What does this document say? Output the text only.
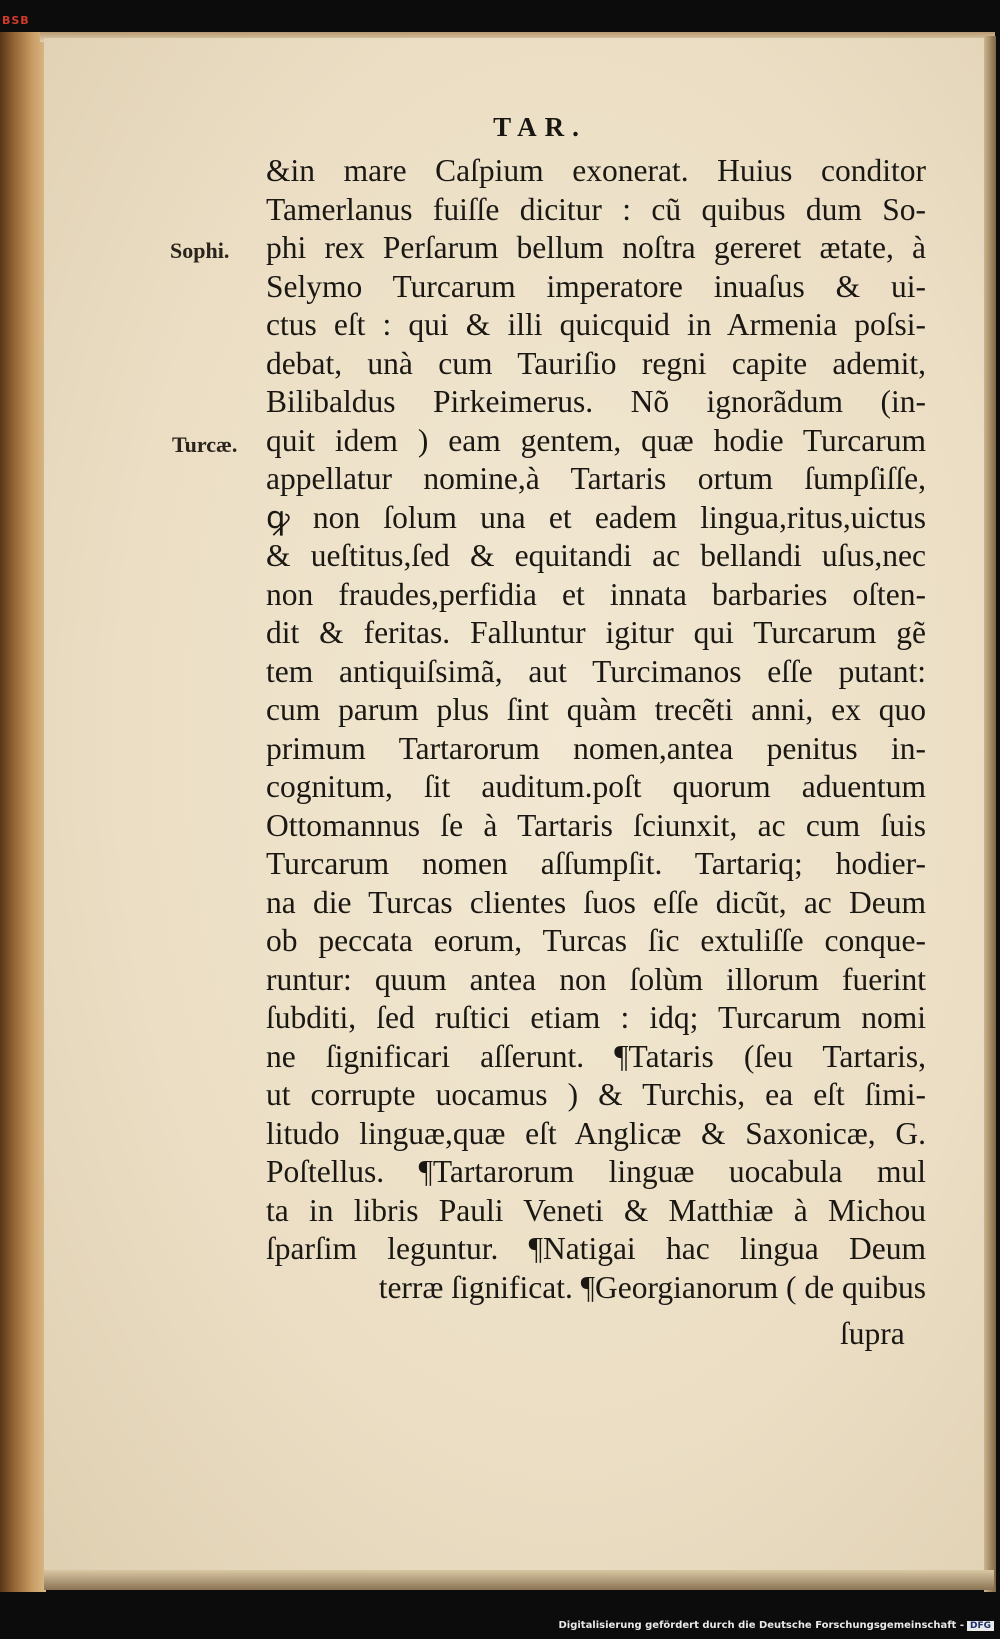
BSB
TAR.
Sophi.
Turcæ.
&in mare Caſpium exonerat. Huius conditor
Tamerlanus fuiſſe dicitur : cũ quibus dum So-
phi rex Perſarum bellum noſtra gereret ætate, à
Selymo Turcarum imperatore inuaſus & ui-
ctus eſt : qui & illi quicquid in Armenia poſsi-
debat, unà cum Tauriſio regni capite ademit,
Bilibaldus Pirkeimerus. Nõ ignorãdum (in-
quit idem ) eam gentem, quæ hodie Turcarum
appellatur nomine,à Tartaris ortum ſumpſiſſe,
ꝙ non ſolum una et eadem lingua,ritus,uictus
& ueſtitus,ſed & equitandi ac bellandi uſus,nec
non fraudes,perfidia et innata barbaries oſten-
dit & feritas. Falluntur igitur qui Turcarum gẽ
tem antiquiſsimã, aut Turcimanos eſſe putant:
cum parum plus ſint quàm trecẽti anni, ex quo
primum Tartarorum nomen,antea penitus in-
cognitum, ſit auditum.poſt quorum aduentum
Ottomannus ſe à Tartaris ſciunxit, ac cum ſuis
Turcarum nomen aſſumpſit. Tartariq; hodier-
na die Turcas clientes ſuos eſſe dicũt, ac Deum
ob peccata eorum, Turcas ſic extuliſſe conque-
runtur: quum antea non ſolùm illorum fuerint
ſubditi, ſed ruſtici etiam : idq; Turcarum nomi
ne ſignificari aſſerunt. ¶Tataris (ſeu Tartaris,
ut corrupte uocamus ) & Turchis, ea eſt ſimi-
litudo linguæ,quæ eſt Anglicæ & Saxonicæ, G.
Poſtellus. ¶Tartarorum linguæ uocabula mul
ta in libris Pauli Veneti & Matthiæ à Michou
ſparſim leguntur. ¶Natigai hac lingua Deum
terræ ſignificat. ¶Georgianorum ( de quibus
ſupra
Digitalisierung gefördert durch die Deutsche Forschungsgemeinschaft - DFG
